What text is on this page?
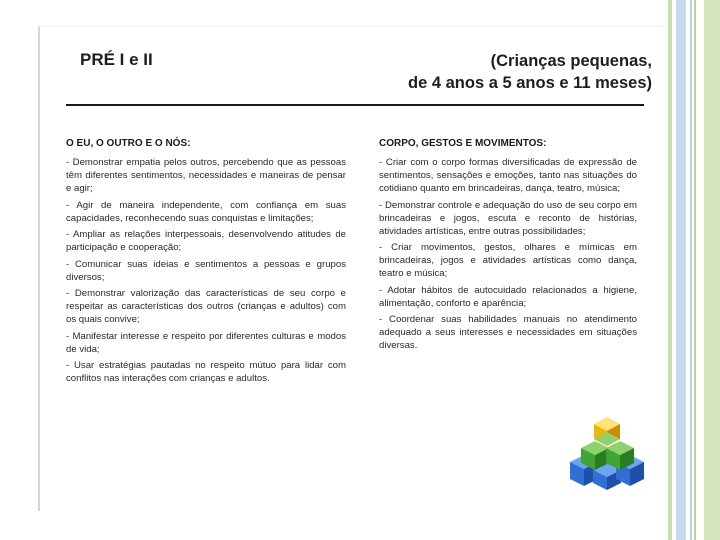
PRÉ I e II	(Crianças pequenas,
de 4 anos a 5 anos e 11 meses)
O EU, O OUTRO E O NÓS:
- Demonstrar empatia pelos outros, percebendo que as pessoas têm diferentes sentimentos, necessidades e maneiras de pensar e agir;
- Agir de maneira independente, com confiança em suas capacidades, reconhecendo suas conquistas e limitações;
- Ampliar as relações interpessoais, desenvolvendo atitudes de participação e cooperação;
- Comunicar suas ideias e sentimentos a pessoas e grupos diversos;
- Demonstrar valorização das características de seu corpo e respeitar as características dos outros (crianças e adultos) com os quais convive;
- Manifestar interesse e respeito por diferentes culturas e modos de vida;
- Usar estratégias pautadas no respeito mútuo para lidar com conflitos nas interações com crianças e adultos.
CORPO, GESTOS E MOVIMENTOS:
- Criar com o corpo formas diversificadas de expressão de sentimentos, sensações e emoções, tanto nas situações do cotidiano quanto em brincadeiras, dança, teatro, música;
- Demonstrar controle e adequação do uso de seu corpo em brincadeiras e jogos, escuta e reconto de histórias, atividades artísticas, entre outras possibilidades;
- Criar movimentos, gestos, olhares e mímicas em brincadeiras, jogos e atividades artísticas como dança, teatro e música;
- Adotar hábitos de autocuidado relacionados a higiene, alimentação, conforto e aparência;
- Coordenar suas habilidades manuais no atendimento adequado a seus interesses e necessidades em situações diversas.
